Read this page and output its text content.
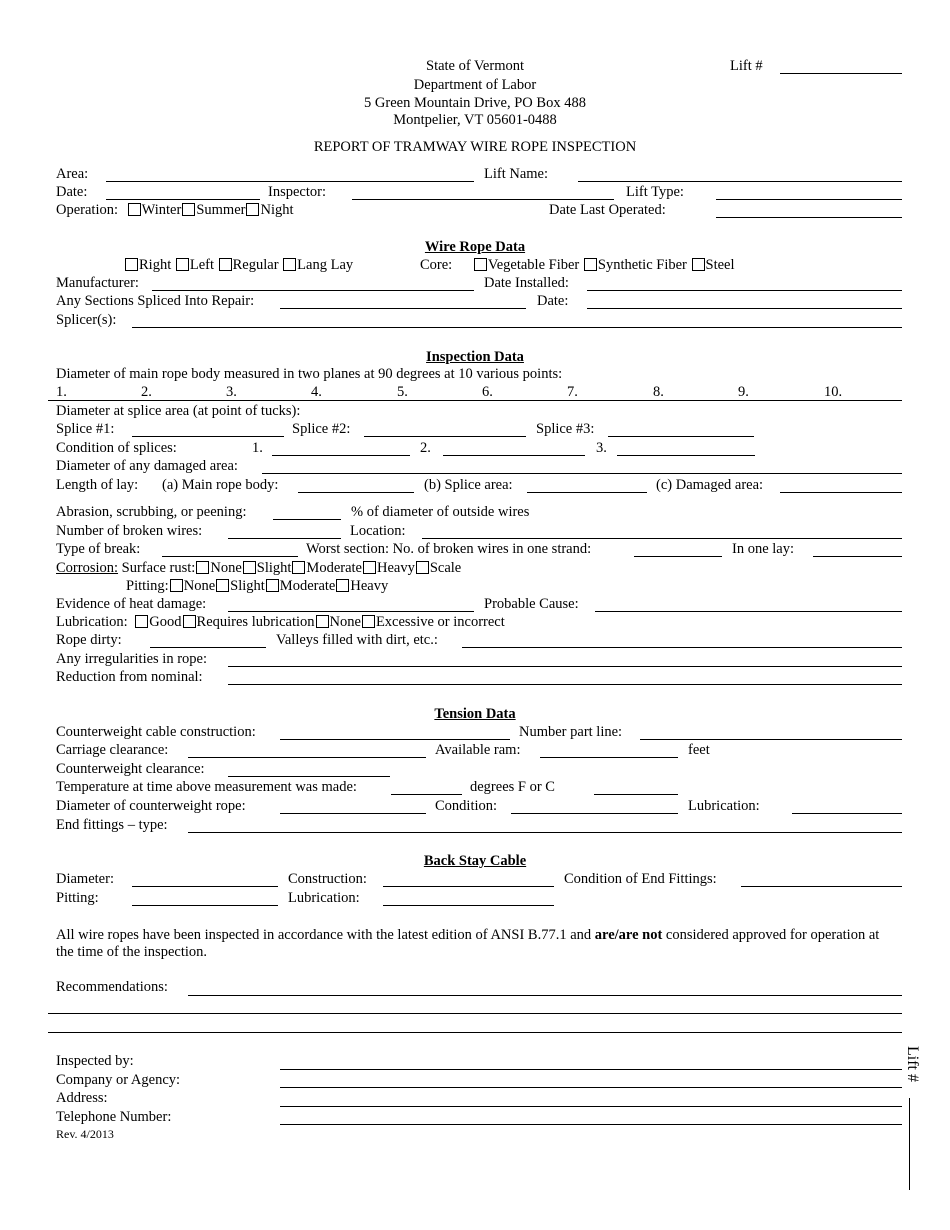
State of Vermont
Department of Labor
5 Green Mountain Drive, PO Box 488
Montpelier, VT 05601-0488
Lift #
REPORT OF TRAMWAY WIRE ROPE INSPECTION
Area:	Lift Name:
Date:	Inspector:	Lift Type:
Operation: Winter Summer Night	Date Last Operated:
Wire Rope Data
Right Left Regular Lang Lay	Core: Vegetable Fiber Synthetic Fiber Steel
Manufacturer:	Date Installed:
Any Sections Spliced Into Repair:	Date:
Splicer(s):
Inspection Data
Diameter of main rope body measured in two planes at 90 degrees at 10 various points:
1.	2.	3.	4.	5.	6.	7.	8.	9.	10.
Diameter at splice area (at point of tucks):
Splice #1:	Splice #2:	Splice #3:
Condition of splices:	1.	2.	3.
Diameter of any damaged area:
Length of lay: (a) Main rope body:	(b) Splice area:	(c) Damaged area:
Abrasion, scrubbing, or peening:	% of diameter of outside wires
Number of broken wires:	Location:
Type of break:	Worst section: No. of broken wires in one strand:	In one lay:
Corrosion: Surface rust: None Slight Moderate Heavy Scale
Pitting: None Slight Moderate Heavy
Evidence of heat damage:	Probable Cause:
Lubrication: Good Requires lubrication None Excessive or incorrect
Rope dirty:	Valleys filled with dirt, etc.:
Any irregularities in rope:
Reduction from nominal:
Tension Data
Counterweight cable construction:	Number part line:
Carriage clearance:	Available ram:	feet
Counterweight clearance:
Temperature at time above measurement was made:	degrees F or C
Diameter of counterweight rope:	Condition:	Lubrication:
End fittings – type:
Back Stay Cable
Diameter:	Construction:	Condition of End Fittings:
Pitting:	Lubrication:
All wire ropes have been inspected in accordance with the latest edition of ANSI B.77.1 and are/are not considered approved for operation at the time of the inspection.
Recommendations:
Inspected by:
Company or Agency:
Address:
Telephone Number:
Rev. 4/2013
Lift #
